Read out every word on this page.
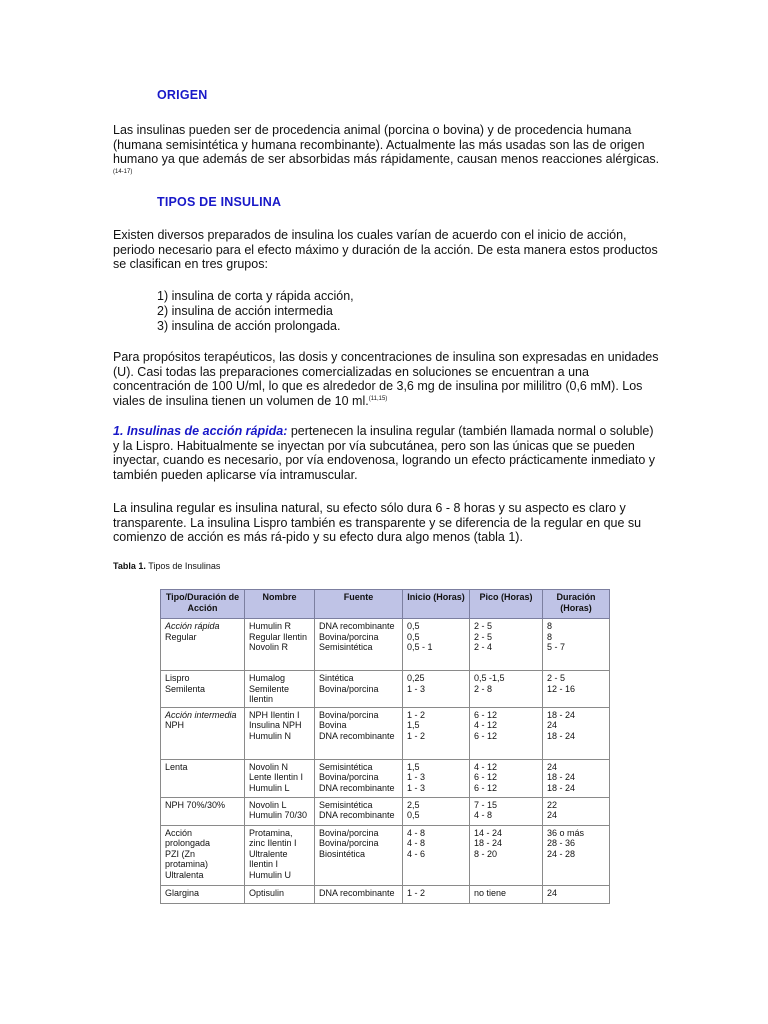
ORIGEN

Las insulinas pueden ser de procedencia animal (porcina o bovina) y de procedencia humana (humana semisintética y humana recombinante). Actualmente las más usadas son las de origen humano ya que además de ser absorbidas más rápidamente, causan menos reacciones alérgicas.$^{(14-17)}$

TIPOS DE INSULINA

Existen diversos preparados de insulina los cuales varían de acuerdo con el inicio de acción, periodo necesario para el efecto máximo y duración de la acción. De esta manera estos productos se clasifican en tres grupos:

1) insulina de corta y rápida acción,
2) insulina de acción intermedia
3) insulina de acción prolongada.

Para propósitos terapéuticos, las dosis y concentraciones de insulina son expresadas en unidades (U). Casi todas las preparaciones comercializadas en soluciones se encuentran a una concentración de 100 U/ml, lo que es alrededor de 3,6 mg de insulina por mililitro (0,6 mM). Los viales de insulina tienen un volumen de 10 ml.$^{(11,15)}$

1. Insulinas de acción rápida: pertenecen la insulina regular (también llamada normal o soluble) y la Lispro. Habitualmente se inyectan por vía subcutánea, pero son las únicas que se pueden inyectar, cuando es necesario, por vía endovenosa, logrando un efecto prácticamente inmediato y también pueden aplicarse vía intramuscular.

La insulina regular es insulina natural, su efecto sólo dura 6 - 8 horas y su aspecto es claro y transparente. La insulina Lispro también es transparente y se diferencia de la regular en que su comienzo de acción es más rá-pido y su efecto dura algo menos (tabla 1).

Tabla 1. Tipos de Insulinas
Tipo/Duración de Acción	Nombre	Fuente	Inicio (Horas)	Pico (Horas)	Duración (Horas)

Acción rápida
Regular	Humulin R
Regular Ilentin
Novolin R	DNA recombinante
Bovina/porcina
Semisintética	0,5
0,5
0,5 - 1	2 - 5
2 - 5
2 - 4	8
8
5 - 7

Lispro
Semilenta	Humalog
Semilente
Ilentin	Sintética
Bovina/porcina	0,25
1 - 3	0,5 -1,5
2 - 8	2 - 5
12 - 16

Acción intermedia
NPH	NPH Ilentin I
Insulina NPH
Humulin N	Bovina/porcina
Bovina
DNA recombinante	1 - 2
1,5
1 - 2	6 - 12
4 - 12
6 - 12	18 - 24
24
18 - 24

Lenta	Novolin N
Lente Ilentin I
Humulin L	Semisintética
Bovina/porcina
DNA recombinante	1,5
1 - 3
1 - 3	4 - 12
6 - 12
6 - 12	24
18 - 24
18 - 24

NPH 70%/30%	Novolin L
Humulin 70/30	Semisintética
DNA recombinante	2,5
0,5	7 - 15
4 - 8	22
24

Acción
prolongada
PZI (Zn
protamina)
Ultralenta	Protamina,
zinc Ilentin I
Ultralente
Ilentin I
Humulin U	Bovina/porcina
Bovina/porcina
Biosintética	4 - 8
4 - 8
4 - 6	14 - 24
18 - 24
8 - 20	36 o más
28 - 36
24 - 28

Glargina	Optisulin	DNA recombinante	1 - 2	no tiene	24
